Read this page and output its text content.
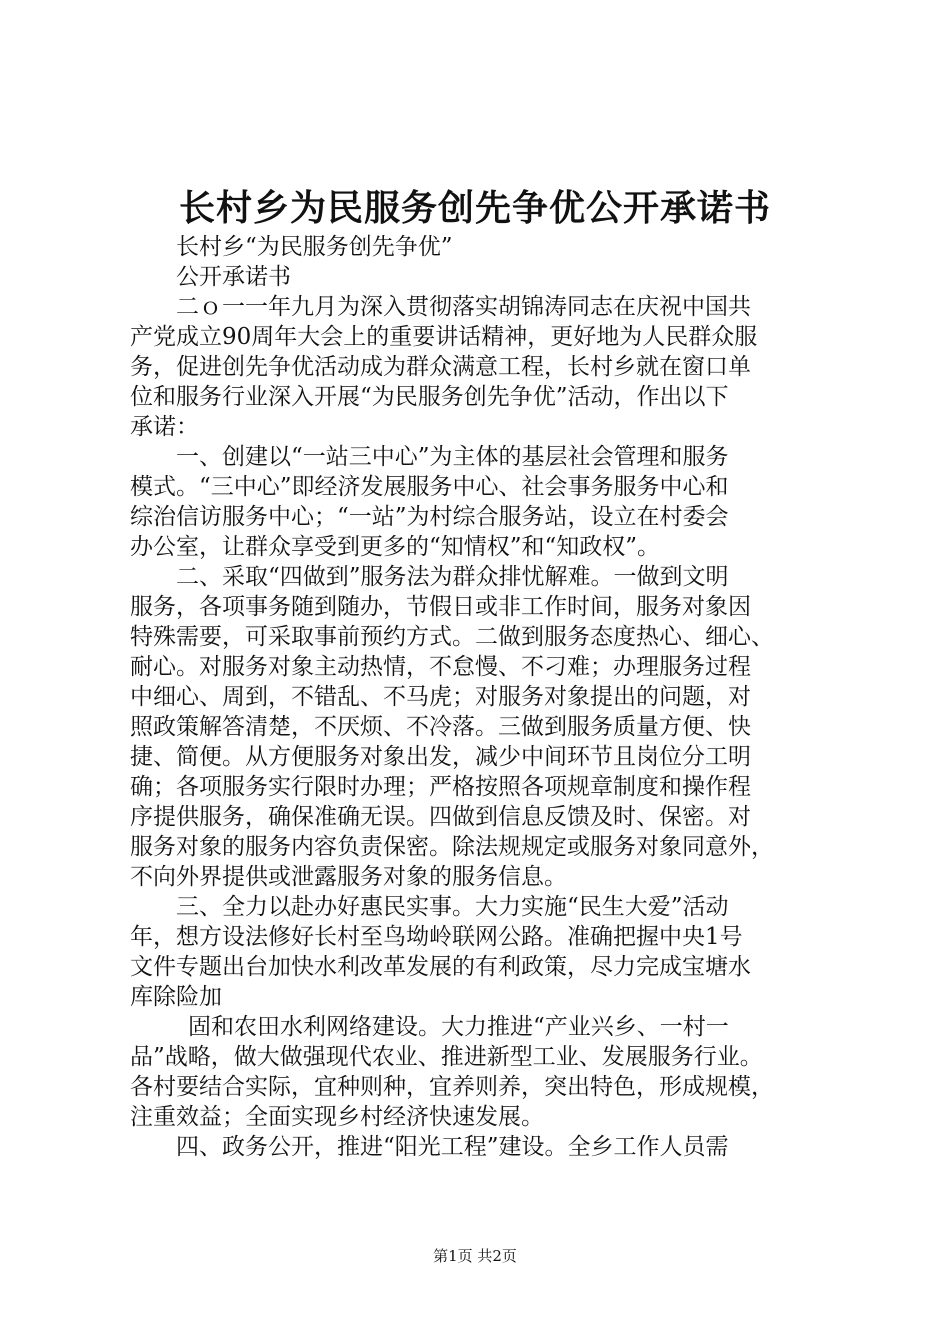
长村乡为民服务创先争优公开承诺书
长村乡“为民服务创先争优”
公开承诺书
二ｏ一一年九月为深入贯彻落实胡锦涛同志在庆祝中国共
产党成立90周年大会上的重要讲话精神，更好地为人民群众服
务，促进创先争优活动成为群众满意工程，长村乡就在窗口单
位和服务行业深入开展“为民服务创先争优”活动，作出以下
承诺：
一、创建以“一站三中心”为主体的基层社会管理和服务
模式。“三中心”即经济发展服务中心、社会事务服务中心和
综治信访服务中心；“一站”为村综合服务站，设立在村委会
办公室，让群众享受到更多的“知情权”和“知政权”。
二、采取“四做到”服务法为群众排忧解难。一做到文明
服务，各项事务随到随办，节假日或非工作时间，服务对象因
特殊需要，可采取事前预约方式。二做到服务态度热心、细心、
耐心。对服务对象主动热情，不怠慢、不刁难；办理服务过程
中细心、周到，不错乱、不马虎；对服务对象提出的问题，对
照政策解答清楚，不厌烦、不冷落。三做到服务质量方便、快
捷、简便。从方便服务对象出发，减少中间环节且岗位分工明
确；各项服务实行限时办理；严格按照各项规章制度和操作程
序提供服务，确保准确无误。四做到信息反馈及时、保密。对
服务对象的服务内容负责保密。除法规规定或服务对象同意外，
不向外界提供或泄露服务对象的服务信息。
三、全力以赴办好惠民实事。大力实施“民生大爱”活动
年，想方设法修好长村至鸟坳岭联网公路。准确把握中央1号
文件专题出台加快水利改革发展的有利政策，尽力完成宝塘水
库除险加
固和农田水利网络建设。大力推进“产业兴乡、一村一
品”战略，做大做强现代农业、推进新型工业、发展服务行业。
各村要结合实际，宜种则种，宜养则养，突出特色，形成规模，
注重效益；全面实现乡村经济快速发展。
四、政务公开，推进“阳光工程”建设。全乡工作人员需
第1页 共2页
